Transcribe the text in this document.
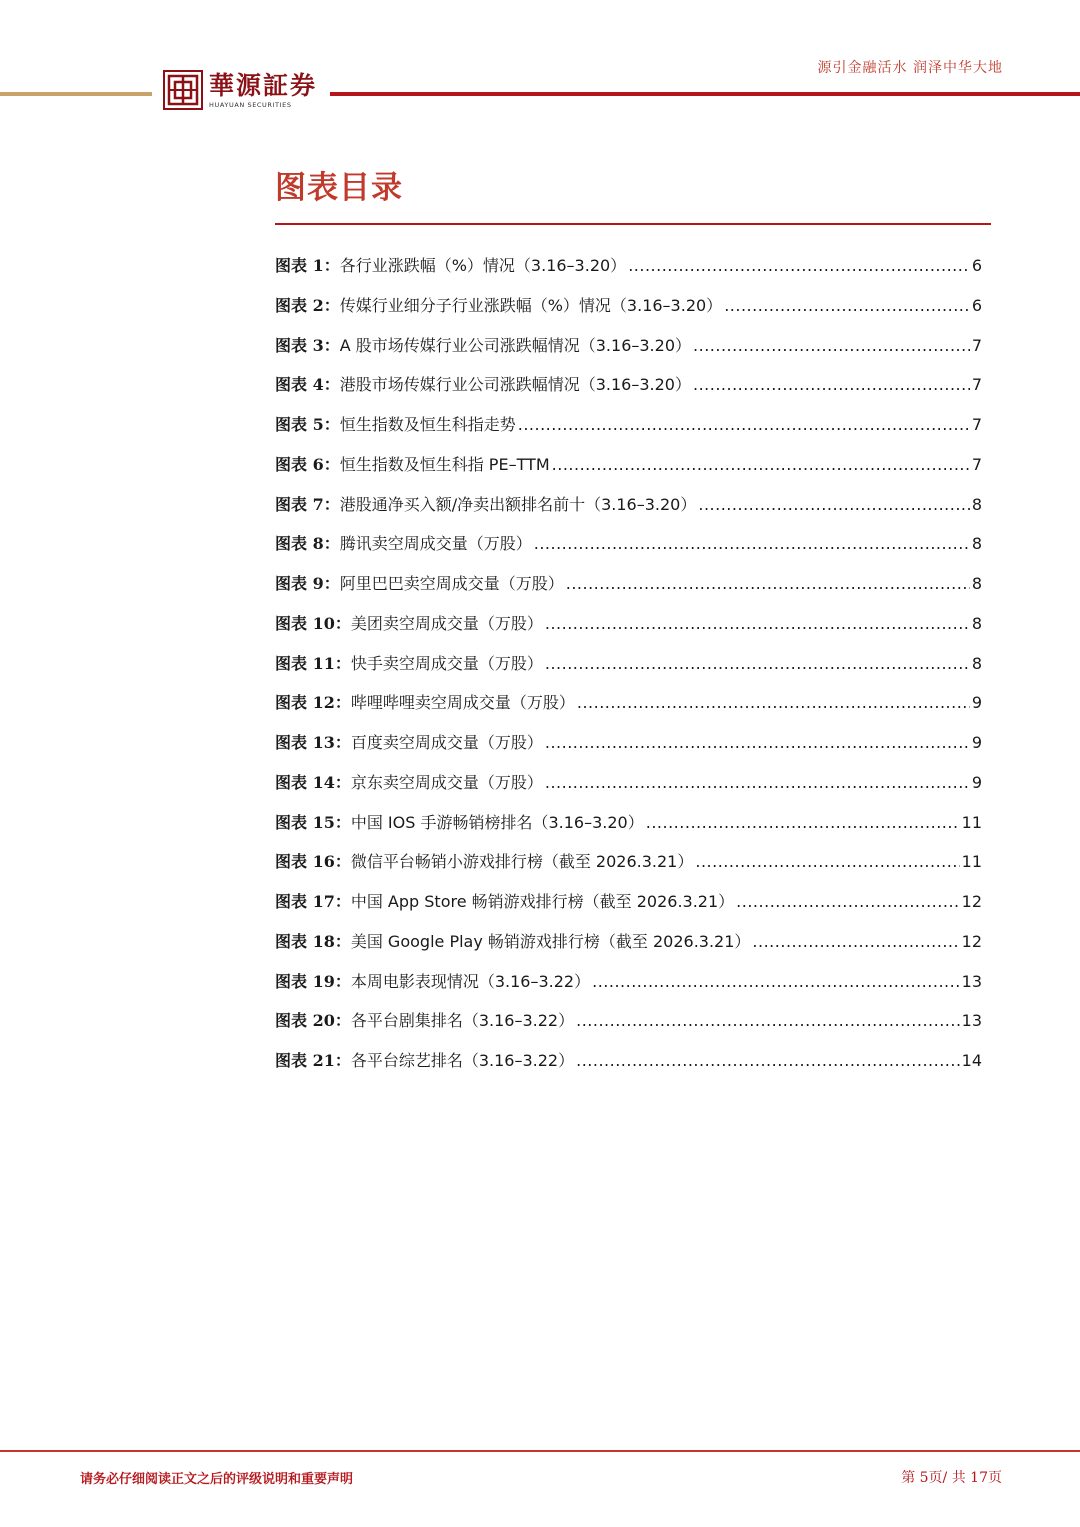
華源証券
HUAYUAN SECURITIES
源引金融活水 润泽中华大地
图表目录
图表 1： 各行业涨跌幅（%）情况（3.16–3.20） .....	6
图表 2： 传媒行业细分子行业涨跌幅（%）情况（3.16–3.20） .....	6
图表 3： A 股市场传媒行业公司涨跌幅情况（3.16–3.20） .....	7
图表 4： 港股市场传媒行业公司涨跌幅情况（3.16–3.20） .....	7
图表 5： 恒生指数及恒生科指走势 .....	7
图表 6： 恒生指数及恒生科指 PE–TTM .....	7
图表 7： 港股通净买入额/净卖出额排名前十（3.16–3.20） .....	8
图表 8： 腾讯卖空周成交量（万股） .....	8
图表 9： 阿里巴巴卖空周成交量（万股） .....	8
图表 10： 美团卖空周成交量（万股） .....	8
图表 11： 快手卖空周成交量（万股） .....	8
图表 12： 哔哩哔哩卖空周成交量（万股） .....	9
图表 13： 百度卖空周成交量（万股） .....	9
图表 14： 京东卖空周成交量（万股） .....	9
图表 15： 中国 IOS 手游畅销榜排名（3.16–3.20） .....	11
图表 16： 微信平台畅销小游戏排行榜（截至 2026.3.21） .....	11
图表 17： 中国 App Store 畅销游戏排行榜（截至 2026.3.21） .....	12
图表 18： 美国 Google Play 畅销游戏排行榜（截至 2026.3.21） .....	12
图表 19： 本周电影表现情况（3.16–3.22） .....	13
图表 20： 各平台剧集排名（3.16–3.22） .....	13
图表 21： 各平台综艺排名（3.16–3.22） .....	14
请务必仔细阅读正文之后的评级说明和重要声明	第 5页/ 共 17页
